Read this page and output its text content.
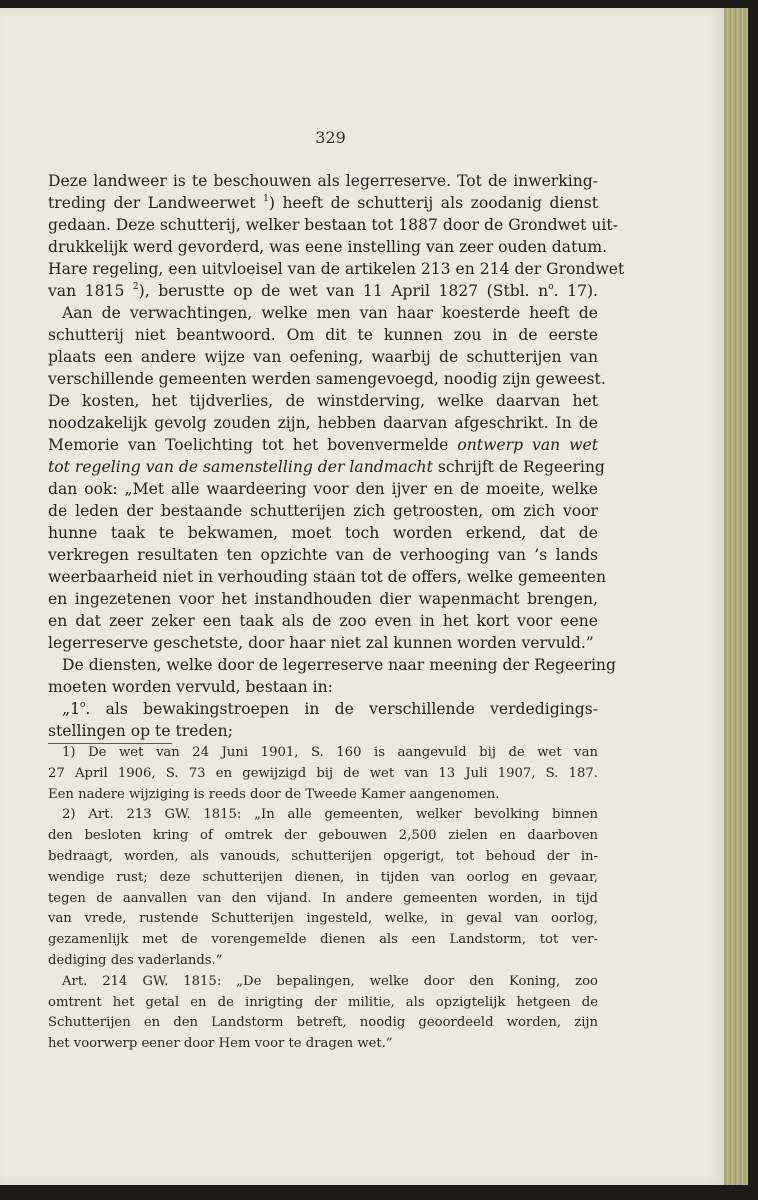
329
Deze landweer is te beschouwen als legerreserve. Tot de inwerking-
treding der Landweerwet $^1$) heeft de schutterij als zoodanig dienst
gedaan. Deze schutterij, welker bestaan tot 1887 door de Grondwet uit-
drukkelijk werd gevorderd, was eene instelling van zeer ouden datum.
Hare regeling, een uitvloeisel van de artikelen 213 en 214 der Grondwet
van 1815 $^2$), berustte op de wet van 11 April 1827 (Stbl. $n^o$. 17).
Aan de verwachtingen, welke men van haar koesterde heeft de
schutterij niet beantwoord. Om dit te kunnen zou in de eerste
plaats een andere wijze van oefening, waarbij de schutterijen van
verschillende gemeenten werden samengevoegd, noodig zijn geweest.
De kosten, het tijdverlies, de winstderving, welke daarvan het
noodzakelijk gevolg zouden zijn, hebben daarvan afgeschrikt. In de
Memorie van Toelichting tot het bovenvermelde ontwerp van wet
tot regeling van de samenstelling der landmacht schrijft de Regeering
dan ook: „Met alle waardeering voor den ijver en de moeite, welke
de leden der bestaande schutterijen zich getroosten, om zich voor
hunne taak te bekwamen, moet toch worden erkend, dat de
verkregen resultaten ten opzichte van de verhooging van ’s lands
weerbaarheid niet in verhouding staan tot de offers, welke gemeenten
en ingezetenen voor het instandhouden dier wapenmacht brengen,
en dat zeer zeker een taak als de zoo even in het kort voor eene
legerreserve geschetste, door haar niet zal kunnen worden vervuld.”
De diensten, welke door de legerreserve naar meening der Regeering
moeten worden vervuld, bestaan in:
„1$^o$. als bewakingstroepen in de verschillende verdedigings-
stellingen op te treden;
1) De wet van 24 Juni 1901, S. 160 is aangevuld bij de wet van
27 April 1906, S. 73 en gewijzigd bij de wet van 13 Juli 1907, S. 187.
Een nadere wijziging is reeds door de Tweede Kamer aangenomen.
2) Art. 213 GW. 1815: „In alle gemeenten, welker bevolking binnen
den besloten kring of omtrek der gebouwen 2,500 zielen en daarboven
bedraagt, worden, als vanouds, schutterijen opgerigt, tot behoud der in-
wendige rust; deze schutterijen dienen, in tijden van oorlog en gevaar,
tegen de aanvallen van den vijand. In andere gemeenten worden, in tijd
van vrede, rustende Schutterijen ingesteld, welke, in geval van oorlog,
gezamenlijk met de vorengemelde dienen als een Landstorm, tot ver-
dediging des vaderlands.”
Art. 214 GW. 1815: „De bepalingen, welke door den Koning, zoo
omtrent het getal en de inrigting der militie, als opzigtelijk hetgeen de
Schutterijen en den Landstorm betreft, noodig geoordeeld worden, zijn
het voorwerp eener door Hem voor te dragen wet.”
